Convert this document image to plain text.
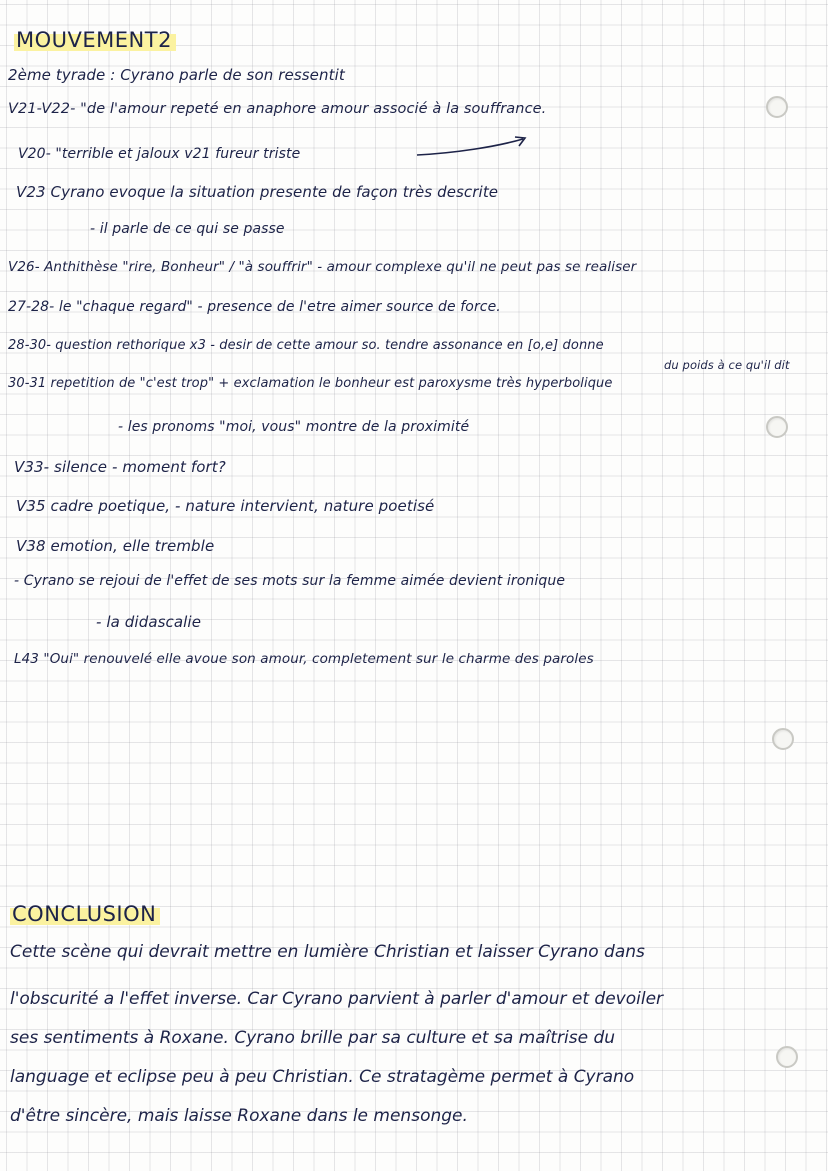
MOUVEMENT2
2ème tyrade : Cyrano parle de son ressentit
V21-V22- "de l'amour repeté en anaphore amour associé à la souffrance.
V20- "terrible et jaloux v21 fureur triste
V23 Cyrano evoque la situation presente de façon très descrite
- il parle de ce qui se passe
V26- Anthithèse "rire, Bonheur" / "à souffrir" - amour complexe qu'il ne peut pas se realiser
27-28- le "chaque regard" - presence de l'etre aimer source de force.
28-30- question rethorique x3 - desir de cette amour so. tendre assonance en [o,e] donne
du poids à ce qu'il dit
30-31 repetition de "c'est trop" + exclamation le bonheur est paroxysme très hyperbolique
- les pronoms "moi, vous" montre de la proximité
V33- silence - moment fort?
V35 cadre poetique, - nature intervient, nature poetisé
V38 emotion, elle tremble
- Cyrano se rejoui de l'effet de ses mots sur la femme aimée devient ironique
- la didascalie
L43 "Oui" renouvelé elle avoue son amour, completement sur le charme des paroles
CONCLUSION
Cette scène qui devrait mettre en lumière Christian et laisser Cyrano dans
l'obscurité a l'effet inverse. Car Cyrano parvient à parler d'amour et devoiler
ses sentiments à Roxane. Cyrano brille par sa culture et sa maîtrise du
language et eclipse peu à peu Christian. Ce stratagème permet à Cyrano
d'être sincère, mais laisse Roxane dans le mensonge.
